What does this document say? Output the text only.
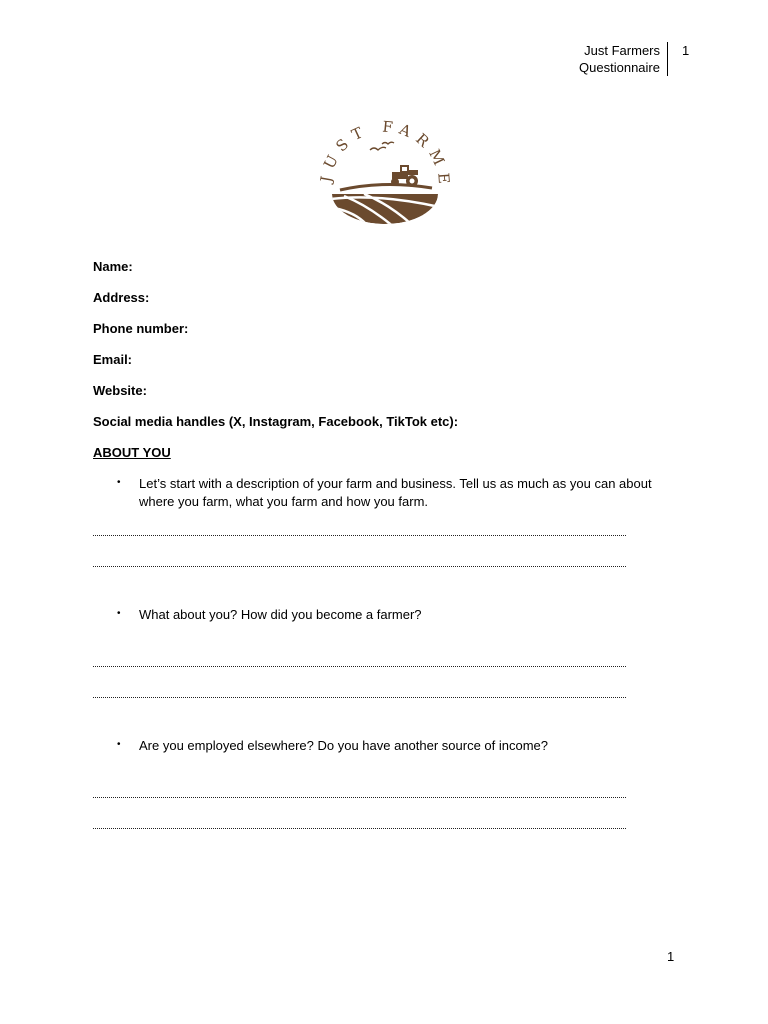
Just Farmers
Questionnaire
1
JUST FARME
Name:
Address:
Phone number:
Email:
Website:
Social media handles (X, Instagram, Facebook, TikTok etc):
ABOUT YOU
• Let’s start with a description of your farm and business. Tell us as much as you can about where you farm, what you farm and how you farm.
• What about you? How did you become a farmer?
• Are you employed elsewhere? Do you have another source of income?
1
